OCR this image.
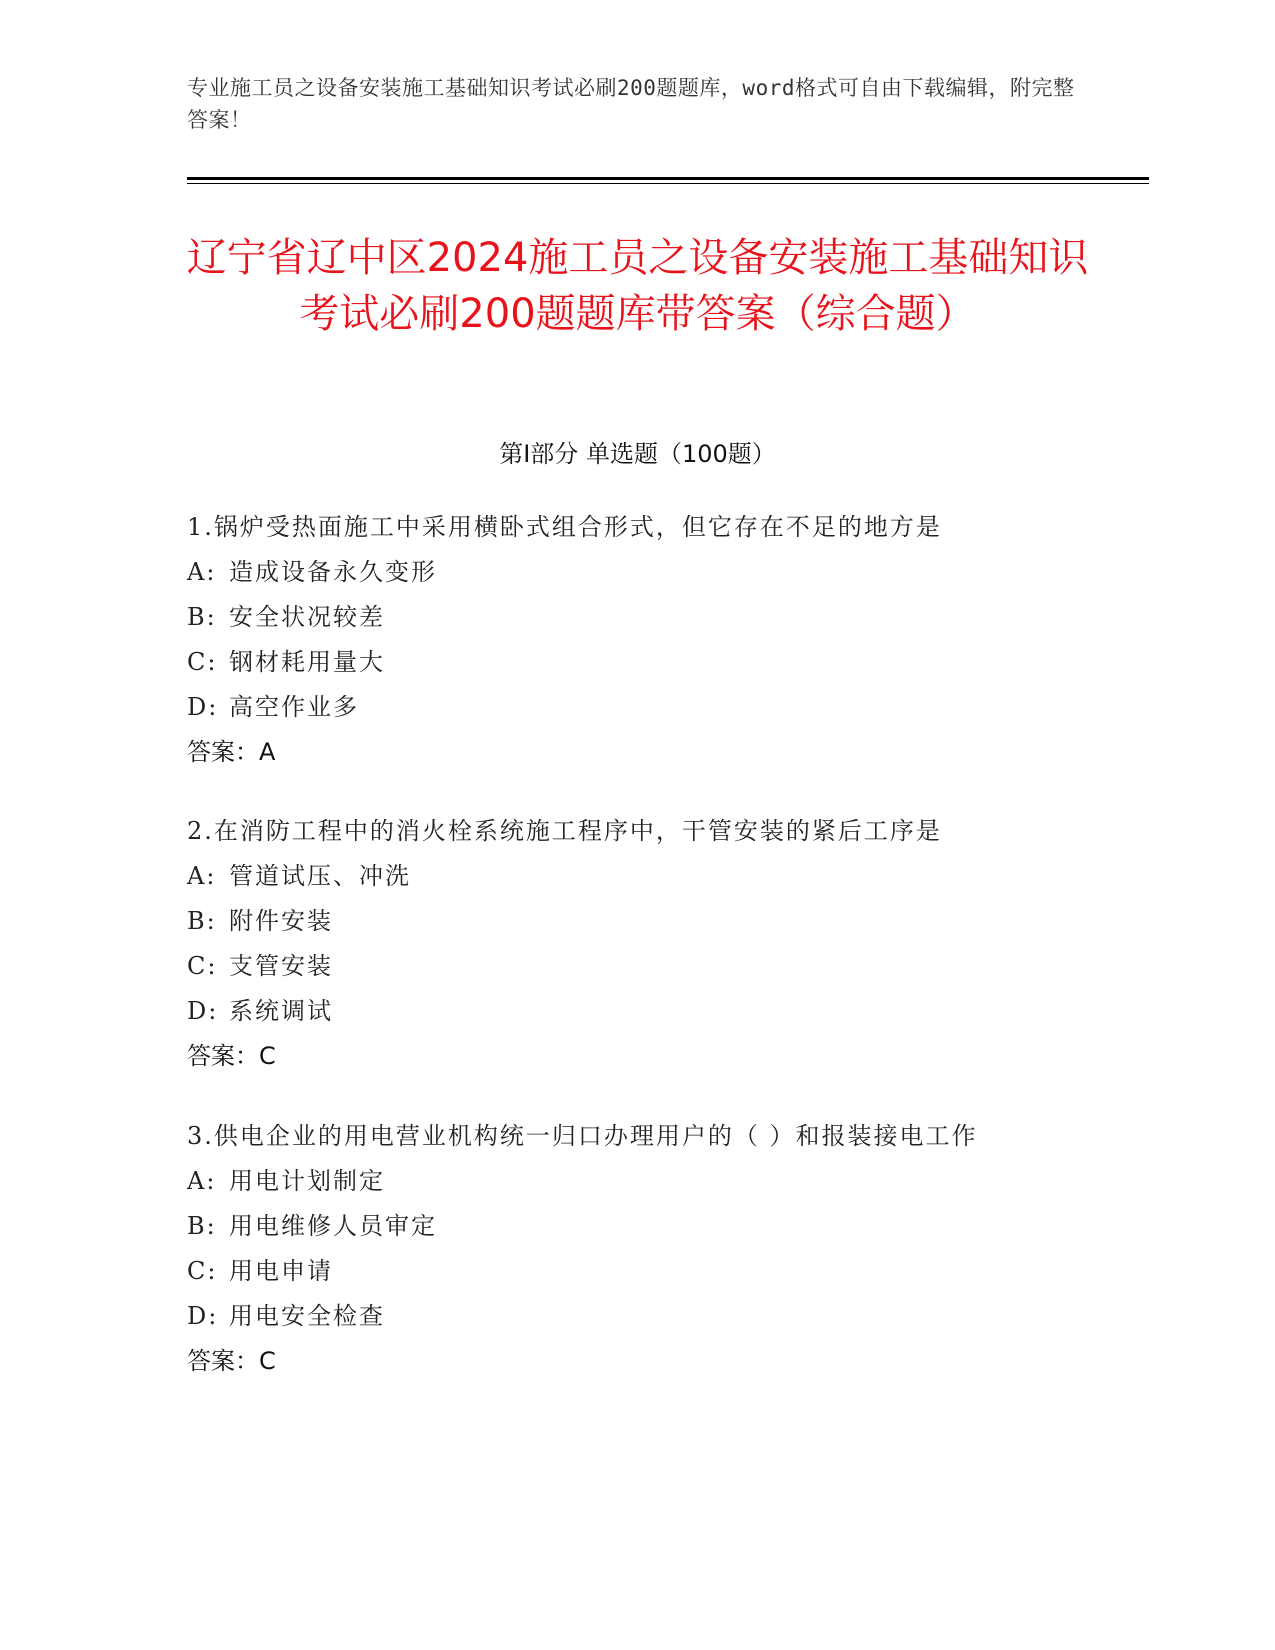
专业施工员之设备安装施工基础知识考试必刷200题题库，word格式可自由下载编辑，附完整答案！
辽宁省辽中区2024施工员之设备安装施工基础知识考试必刷200题题库带答案（综合题）
第I部分 单选题（100题）
1.锅炉受热面施工中采用横卧式组合形式，但它存在不足的地方是
A: 造成设备永久变形
B: 安全状况较差
C: 钢材耗用量大
D: 高空作业多
答案：A
2.在消防工程中的消火栓系统施工程序中，干管安装的紧后工序是
A: 管道试压、冲洗
B: 附件安装
C: 支管安装
D: 系统调试
答案：C
3.供电企业的用电营业机构统一归口办理用户的（ ）和报装接电工作
A: 用电计划制定
B: 用电维修人员审定
C: 用电申请
D: 用电安全检查
答案：C
